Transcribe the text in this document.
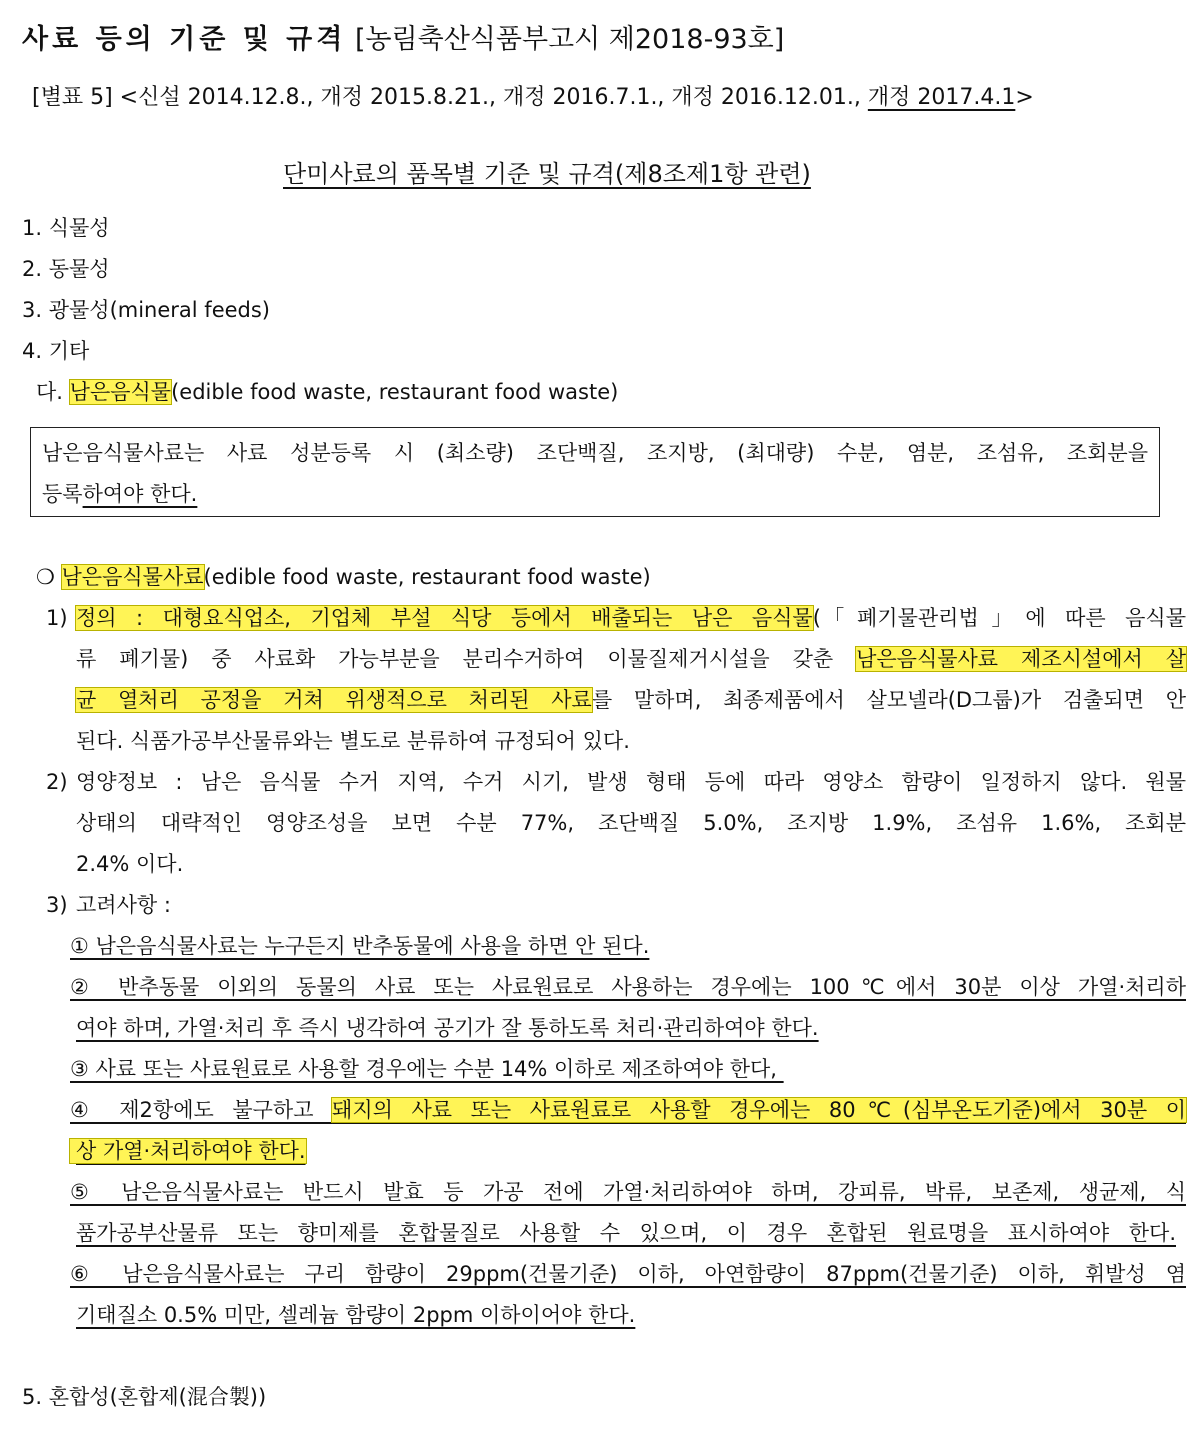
사료 등의 기준 및 규격 [농림축산식품부고시 제2018-93호]
[별표 5] <신설 2014.12.8., 개정 2015.8.21., 개정 2016.7.1., 개정 2016.12.01., 개정 2017.4.1>
단미사료의 품목별 기준 및 규격(제8조제1항 관련)
1. 식물성
2. 동물성
3. 광물성(mineral feeds)
4. 기타
다. 남은음식물(edible food waste, restaurant food waste)
남은음식물사료는 사료 성분등록 시 (최소량) 조단백질, 조지방, (최대량) 수분, 염분, 조섬유, 조회분을
등록하여야 한다.
❍ 남은음식물사료(edible food waste, restaurant food waste)
1) 정의 : 대형요식업소, 기업체 부설 식당 등에서 배출되는 남은 음식물(「폐기물관리법」에 따른 음식물
류 폐기물) 중 사료화 가능부분을 분리수거하여 이물질제거시설을 갖춘 남은음식물사료 제조시설에서 살
균 열처리 공정을 거쳐 위생적으로 처리된 사료를 말하며, 최종제품에서 살모넬라(D그룹)가 검출되면 안
된다. 식품가공부산물류와는 별도로 분류하여 규정되어 있다.
2) 영양정보 : 남은 음식물 수거 지역, 수거 시기, 발생 형태 등에 따라 영양소 함량이 일정하지 않다. 원물
상태의 대략적인 영양조성을 보면 수분 77%, 조단백질 5.0%, 조지방 1.9%, 조섬유 1.6%, 조회분
2.4% 이다.
3) 고려사항 :
① 남은음식물사료는 누구든지 반추동물에 사용을 하면 안 된다.
② 반추동물 이외의 동물의 사료 또는 사료원료로 사용하는 경우에는 100℃에서 30분 이상 가열·처리하
여야 하며, 가열·처리 후 즉시 냉각하여 공기가 잘 통하도록 처리·관리하여야 한다.
③ 사료 또는 사료원료로 사용할 경우에는 수분 14% 이하로 제조하여야 한다,
④ 제2항에도 불구하고 돼지의 사료 또는 사료원료로 사용할 경우에는 80℃(심부온도기준)에서 30분 이
상 가열·처리하여야 한다.
⑤ 남은음식물사료는 반드시 발효 등 가공 전에 가열·처리하여야 하며, 강피류, 박류, 보존제, 생균제, 식
품가공부산물류 또는 향미제를 혼합물질로 사용할 수 있으며, 이 경우 혼합된 원료명을 표시하여야 한다.
⑥ 남은음식물사료는 구리 함량이 29ppm(건물기준) 이하, 아연함량이 87ppm(건물기준) 이하, 휘발성 염
기태질소 0.5% 미만, 셀레늄 함량이 2ppm 이하이어야 한다.
5. 혼합성(혼합제(混合製))
